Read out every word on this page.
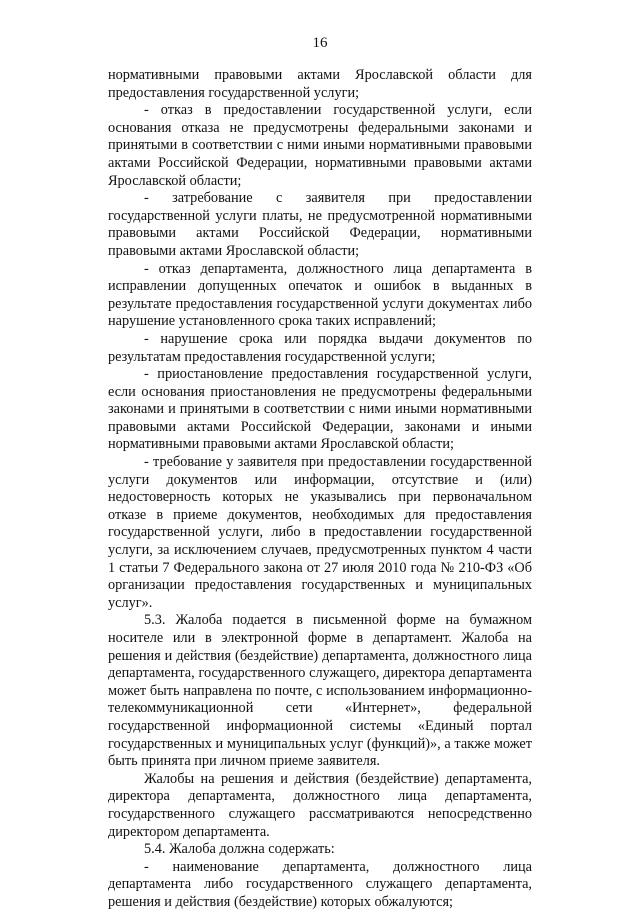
16

нормативными правовыми актами Ярославской области для предоставления государственной услуги;

- отказ в предоставлении государственной услуги, если основания отказа не предусмотрены федеральными законами и принятыми в соответствии с ними иными нормативными правовыми актами Российской Федерации, нормативными правовыми актами Ярославской области;

- затребование с заявителя при предоставлении государственной услуги платы, не предусмотренной нормативными правовыми актами Российской Федерации, нормативными правовыми актами Ярославской области;

- отказ департамента, должностного лица департамента в исправлении допущенных опечаток и ошибок в выданных в результате предоставления государственной услуги документах либо нарушение установленного срока таких исправлений;

- нарушение срока или порядка выдачи документов по результатам предоставления государственной услуги;

- приостановление предоставления государственной услуги, если основания приостановления не предусмотрены федеральными законами и принятыми в соответствии с ними иными нормативными правовыми актами Российской Федерации, законами и иными нормативными правовыми актами Ярославской области;

- требование у заявителя при предоставлении государственной услуги документов или информации, отсутствие и (или) недостоверность которых не указывались при первоначальном отказе в приеме документов, необходимых для предоставления государственной услуги, либо в предоставлении государственной услуги, за исключением случаев, предусмотренных пунктом 4 части 1 статьи 7 Федерального закона от 27 июля 2010 года № 210-ФЗ «Об организации предоставления государственных и муниципальных услуг».

5.3. Жалоба подается в письменной форме на бумажном носителе или в электронной форме в департамент. Жалоба на решения и действия (бездействие) департамента, должностного лица департамента, государственного служащего, директора департамента может быть направлена по почте, с использованием информационно-телекоммуникационной сети «Интернет», федеральной государственной информационной системы «Единый портал государственных и муниципальных услуг (функций)», а также может быть принята при личном приеме заявителя.

Жалобы на решения и действия (бездействие) департамента, директора департамента, должностного лица департамента, государственного служащего рассматриваются непосредственно директором департамента.

5.4. Жалоба должна содержать:

- наименование департамента, должностного лица департамента либо государственного служащего департамента, решения и действия (бездействие) которых обжалуются;
